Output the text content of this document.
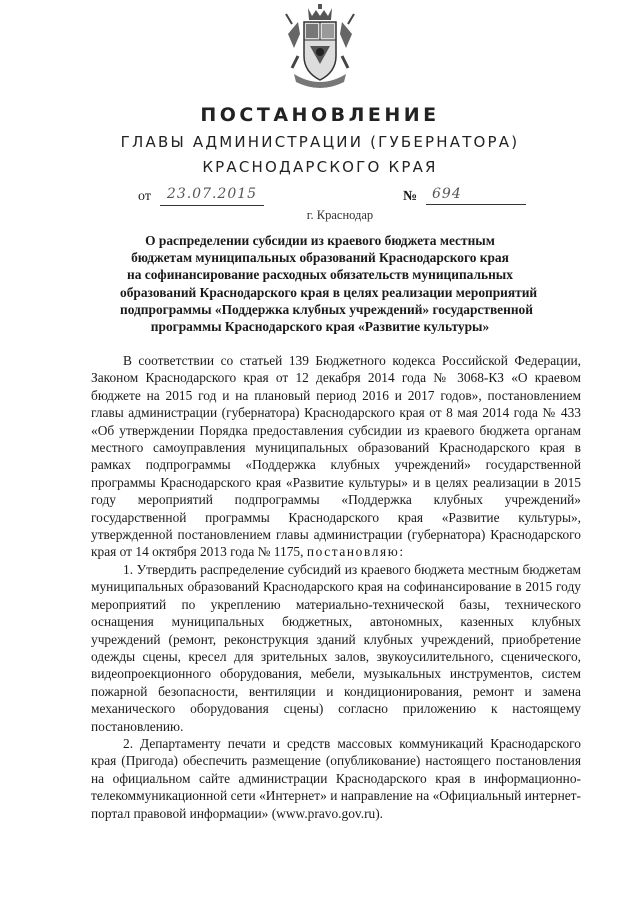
ПОСТАНОВЛЕНИЕ
ГЛАВЫ АДМИНИСТРАЦИИ (ГУБЕРНАТОРА)
КРАСНОДАРСКОГО КРАЯ
от	23.07.2015	№	694
г. Краснодар
О распределении субсидии из краевого бюджета местным
бюджетам муниципальных образований Краснодарского края
на софинансирование расходных обязательств муниципальных
образований Краснодарского края в целях реализации мероприятий
подпрограммы «Поддержка клубных учреждений» государственной
программы Краснодарского края «Развитие культуры»

В соответствии со статьей 139 Бюджетного кодекса Российской Федерации, Законом Краснодарского края от 12 декабря 2014 года № 3068-КЗ «О краевом бюджете на 2015 год и на плановый период 2016 и 2017 годов», постановлением главы администрации (губернатора) Краснодарского края от 8 мая 2014 года № 433 «Об утверждении Порядка предоставления субсидии из краевого бюджета органам местного самоуправления муниципальных образований Краснодарского края в рамках подпрограммы «Поддержка клубных учреждений» государственной программы Краснодарского края «Развитие культуры» и в целях реализации в 2015 году мероприятий подпрограммы «Поддержка клубных учреждений» государственной программы Краснодарского края «Развитие культуры», утвержденной постановлением главы администрации (губернатора) Краснодарского края от 14 октября 2013 года № 1175, постановляю:

1. Утвердить распределение субсидий из краевого бюджета местным бюджетам муниципальных образований Краснодарского края на софинансирование в 2015 году мероприятий по укреплению материально-технической базы, технического оснащения муниципальных бюджетных, автономных, казенных клубных учреждений (ремонт, реконструкция зданий клубных учреждений, приобретение одежды сцены, кресел для зрительных залов, звукоусилительного, сценического, видеопроекционного оборудования, мебели, музыкальных инструментов, систем пожарной безопасности, вентиляции и кондиционирования, ремонт и замена механического оборудования сцены) согласно приложению к настоящему постановлению.

2. Департаменту печати и средств массовых коммуникаций Краснодарского края (Пригода) обеспечить размещение (опубликование) настоящего постановления на официальном сайте администрации Краснодарского края в информационно-телекоммуникационной сети «Интернет» и направление на «Официальный интернет-портал правовой информации» (www.pravo.gov.ru).
